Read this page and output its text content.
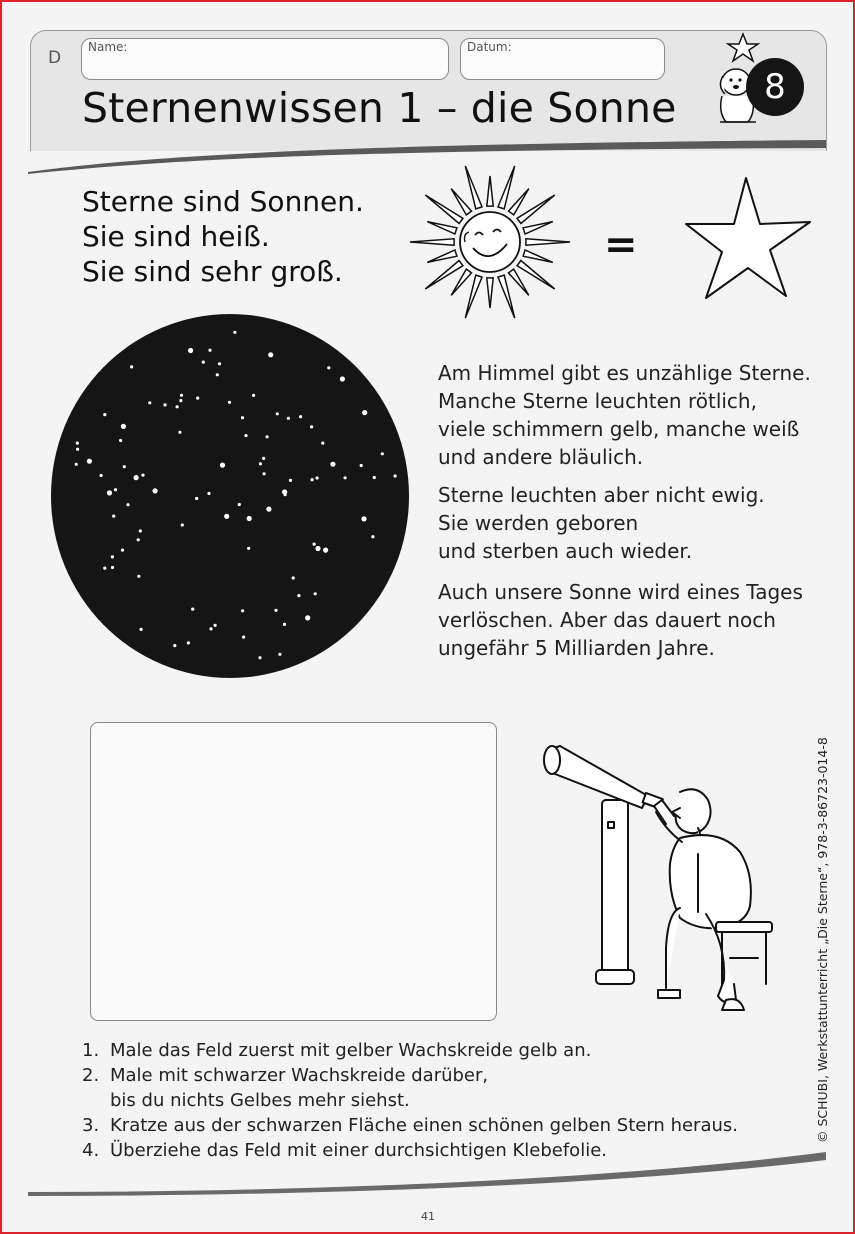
D
Name:	Datum:
Sternenwissen 1 – die Sonne	8
Sterne sind Sonnen.
Sie sind heiß.
Sie sind sehr groß.
=
Am Himmel gibt es unzählige Sterne.
Manche Sterne leuchten rötlich,
viele schimmern gelb, manche weiß
und andere bläulich.
Sterne leuchten aber nicht ewig.
Sie werden geboren
und sterben auch wieder.
Auch unsere Sonne wird eines Tages
verlöschen. Aber das dauert noch
ungefähr 5 Milliarden Jahre.
© SCHUBI, Werkstattunterricht „Die Sterne“, 978-3-86723-014-8
1. Male das Feld zuerst mit gelber Wachskreide gelb an.
2. Male mit schwarzer Wachskreide darüber,
bis du nichts Gelbes mehr siehst.
3. Kratze aus der schwarzen Fläche einen schönen gelben Stern heraus.
4. Überziehe das Feld mit einer durchsichtigen Klebefolie.
41
